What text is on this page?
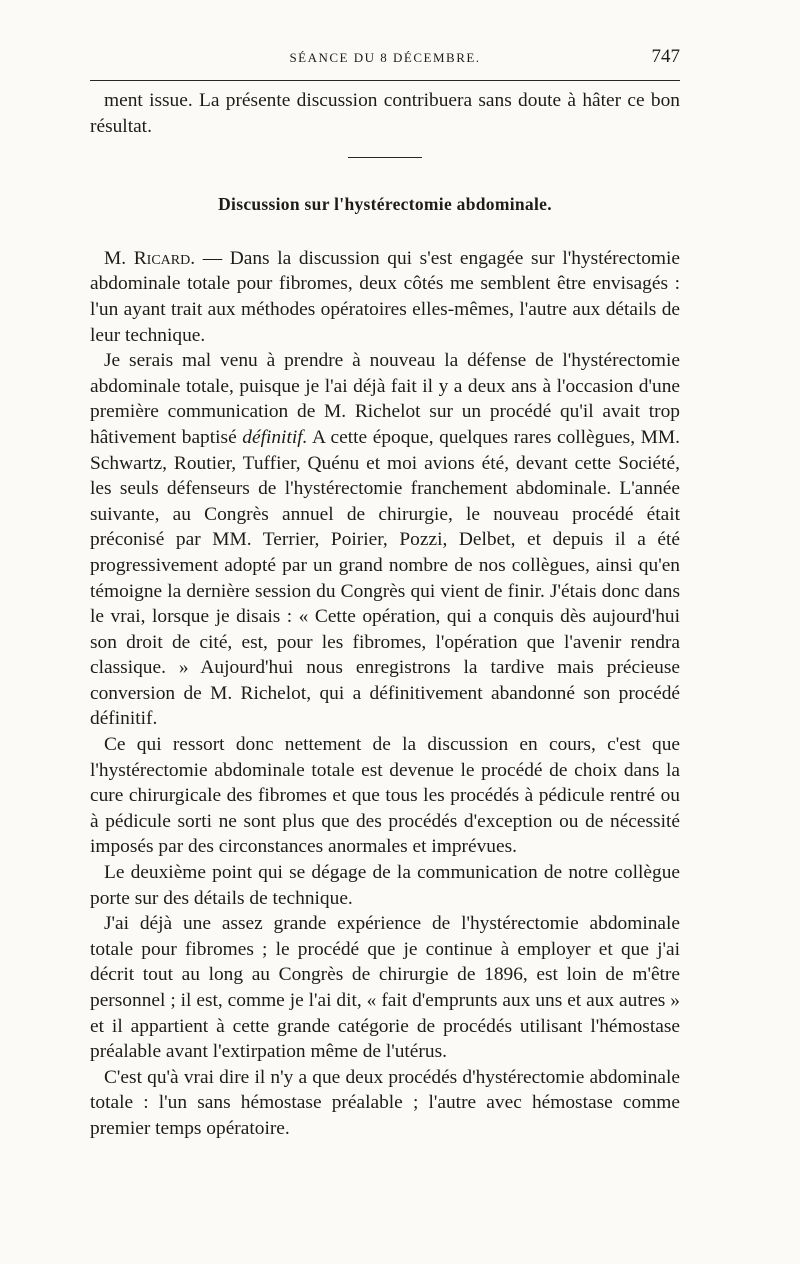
SÉANCE DU 8 DÉCEMBRE.	747

ment issue. La présente discussion contribuera sans doute à hâter ce bon résultat.

Discussion sur l'hystérectomie abdominale.

M. Ricard. — Dans la discussion qui s'est engagée sur l'hystérectomie abdominale totale pour fibromes, deux côtés me semblent être envisagés : l'un ayant trait aux méthodes opératoires elles-mêmes, l'autre aux détails de leur technique.

Je serais mal venu à prendre à nouveau la défense de l'hystérectomie abdominale totale, puisque je l'ai déjà fait il y a deux ans à l'occasion d'une première communication de M. Richelot sur un procédé qu'il avait trop hâtivement baptisé définitif. A cette époque, quelques rares collègues, MM. Schwartz, Routier, Tuffier, Quénu et moi avions été, devant cette Société, les seuls défenseurs de l'hystérectomie franchement abdominale. L'année suivante, au Congrès annuel de chirurgie, le nouveau procédé était préconisé par MM. Terrier, Poirier, Pozzi, Delbet, et depuis il a été progressivement adopté par un grand nombre de nos collègues, ainsi qu'en témoigne la dernière session du Congrès qui vient de finir. J'étais donc dans le vrai, lorsque je disais : « Cette opération, qui a conquis dès aujourd'hui son droit de cité, est, pour les fibromes, l'opération que l'avenir rendra classique. » Aujourd'hui nous enregistrons la tardive mais précieuse conversion de M. Richelot, qui a définitivement abandonné son procédé définitif.

Ce qui ressort donc nettement de la discussion en cours, c'est que l'hystérectomie abdominale totale est devenue le procédé de choix dans la cure chirurgicale des fibromes et que tous les procédés à pédicule rentré ou à pédicule sorti ne sont plus que des procédés d'exception ou de nécessité imposés par des circonstances anormales et imprévues.

Le deuxième point qui se dégage de la communication de notre collègue porte sur des détails de technique.

J'ai déjà une assez grande expérience de l'hystérectomie abdominale totale pour fibromes ; le procédé que je continue à employer et que j'ai décrit tout au long au Congrès de chirurgie de 1896, est loin de m'être personnel ; il est, comme je l'ai dit, « fait d'emprunts aux uns et aux autres » et il appartient à cette grande catégorie de procédés utilisant l'hémostase préalable avant l'extirpation même de l'utérus.

C'est qu'à vrai dire il n'y a que deux procédés d'hystérectomie abdominale totale : l'un sans hémostase préalable ; l'autre avec hémostase comme premier temps opératoire.
